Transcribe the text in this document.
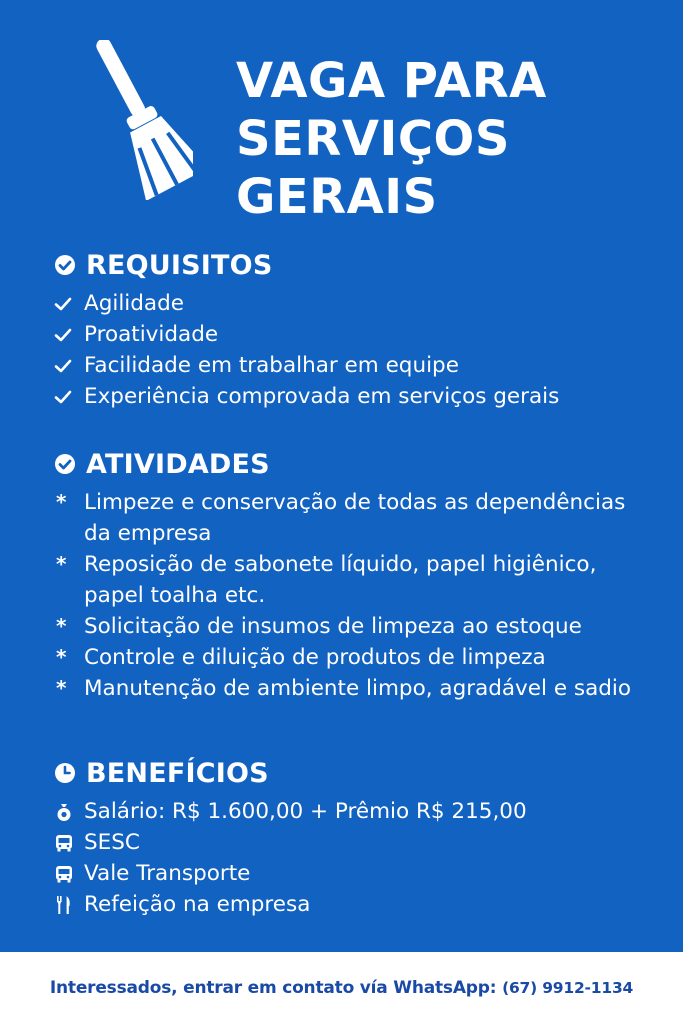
VAGA PARA
SERVIÇOS
GERAIS
REQUISITOS
Agilidade
Proatividade
Facilidade em trabalhar em equipe
Experiência comprovada em serviços gerais
ATIVIDADES
* Limpeze e conservação de todas as dependências da empresa
* Reposição de sabonete líquido, papel higiênico, papel toalha etc.
* Solicitação de insumos de limpeza ao estoque
* Controle e diluição de produtos de limpeza
* Manutenção de ambiente limpo, agradável e sadio
BENEFÍCIOS
Salário: R$ 1.600,00 + Prêmio R$ 215,00
SESC
Vale Transporte
Refeição na empresa

Interessados, entrar em contato vía WhatsApp: (67) 9912-1134
